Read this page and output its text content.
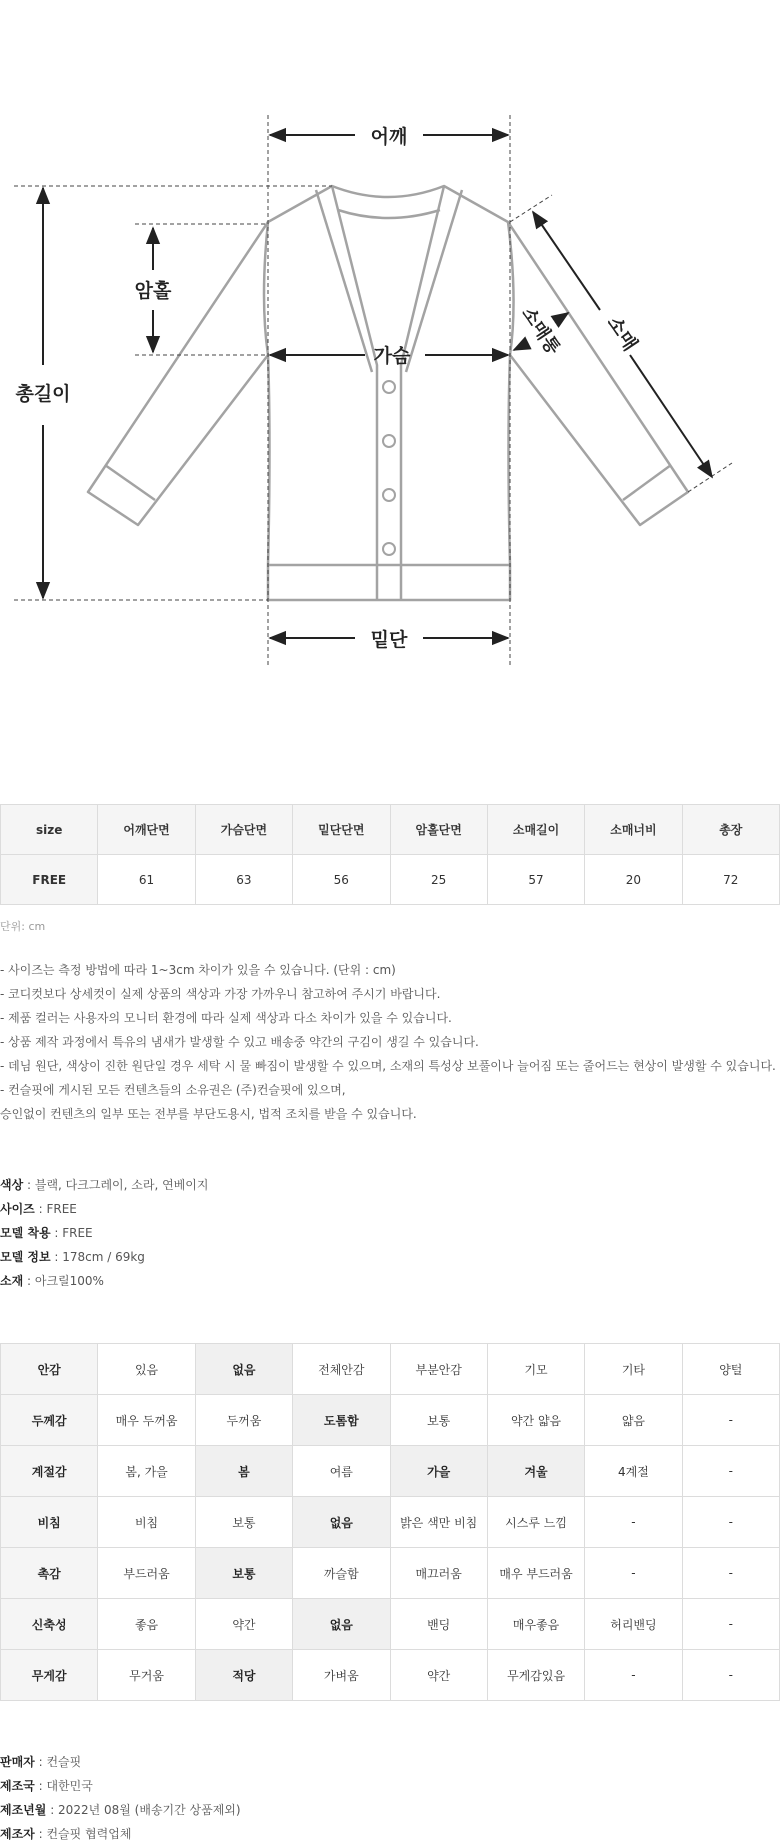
어깨
암홀
총길이
가슴
밑단
소매통 소매
size	어깨단면	가슴단면	밑단단면	암홀단면	소매길이	소매너비	총장
FREE	61	63	56	25	57	20	72
단위: cm
- 사이즈는 측정 방법에 따라 1~3cm 차이가 있을 수 있습니다. (단위 : cm)
- 코디컷보다 상세컷이 실제 상품의 색상과 가장 가까우니 참고하여 주시기 바랍니다.
- 제품 컬러는 사용자의 모니터 환경에 따라 실제 색상과 다소 차이가 있을 수 있습니다.
- 상품 제작 과정에서 특유의 냄새가 발생할 수 있고 배송중 약간의 구김이 생길 수 있습니다.
- 데님 원단, 색상이 진한 원단일 경우 세탁 시 물 빠짐이 발생할 수 있으며, 소재의 특성상 보풀이나 늘어짐 또는 줄어드는 현상이 발생할 수 있습니다.
- 컨슬핏에 게시된 모든 컨텐츠들의 소유권은 (주)컨슬핏에 있으며,
승인없이 컨텐츠의 일부 또는 전부를 부단도용시, 법적 조치를 받을 수 있습니다.
색상 : 블랙, 다크그레이, 소라, 연베이지
사이즈 : FREE
모델 착용 : FREE
모델 정보 : 178cm / 69kg
소재 : 아크릴100%
안감	있음	없음	전체안감	부분안감	기모	기타	양털
두께감	매우 두꺼움	두꺼움	도톰함	보통	약간 얇음	얇음	-
계절감	봄, 가을	봄	여름	가을	겨울	4계절	-
비침	비침	보통	없음	밝은 색만 비침	시스루 느낌	-	-
촉감	부드러움	보통	까슬함	매끄러움	매우 부드러움	-	-
신축성	좋음	약간	없음	밴딩	매우좋음	허리밴딩	-
무게감	무거움	적당	가벼움	약간	무게감있음	-	-
판매자 : 컨슬핏
제조국 : 대한민국
제조년월 : 2022년 08월 (배송기간 상품제외)
제조자 : 컨슬핏 협력업체
